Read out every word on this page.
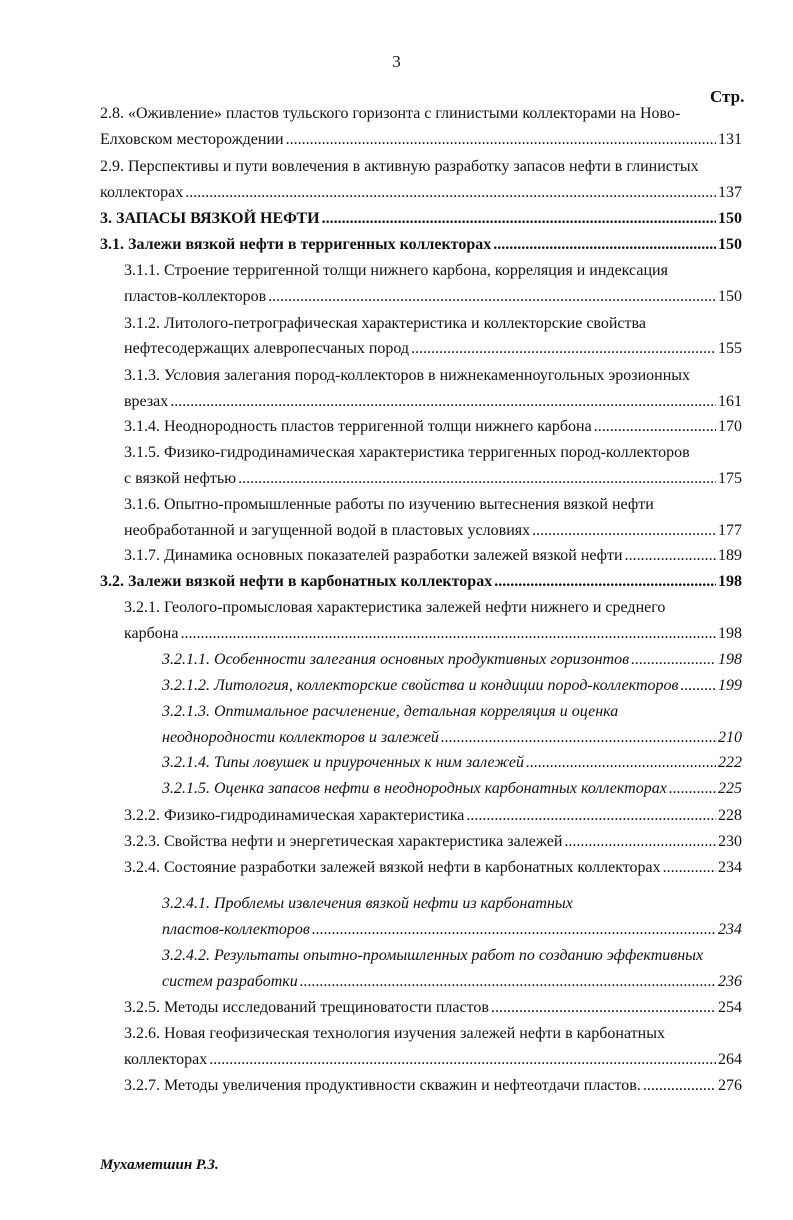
3
Стр.
2.8. «Оживление» пластов тульского горизонта с глинистыми коллекторами на Ново-
Елховском месторождении .....	131
2.9. Перспективы и пути вовлечения в активную разработку запасов нефти в глинистых
коллекторах .....	137
3. ЗАПАСЫ ВЯЗКОЙ НЕФТИ .....	150
3.1. Залежи вязкой нефти в терригенных коллекторах .....	150
3.1.1. Строение терригенной толщи нижнего карбона, корреляция и индексация
пластов-коллекторов .....	150
3.1.2. Литолого-петрографическая характеристика и коллекторские свойства
нефтесодержащих алевропесчаных пород .....	155
3.1.3. Условия залегания пород-коллекторов в нижнекаменноугольных эрозионных
врезах .....	161
3.1.4. Неоднородность пластов терригенной толщи нижнего карбона .....	170
3.1.5. Физико-гидродинамическая характеристика терригенных пород-коллекторов
с вязкой нефтью .....	175
3.1.6. Опытно-промышленные работы по изучению вытеснения вязкой нефти
необработанной и загущенной водой в пластовых условиях .....	177
3.1.7. Динамика основных показателей разработки залежей вязкой нефти .....	189
3.2. Залежи вязкой нефти в карбонатных коллекторах .....	198
3.2.1. Геолого-промысловая характеристика залежей нефти нижнего и среднего
карбона .....	198
3.2.1.1. Особенности залегания основных продуктивных горизонтов .....	198
3.2.1.2. Литология, коллекторские свойства и кондиции пород-коллекторов ..... 199
3.2.1.3. Оптимальное расчленение, детальная корреляция и оценка
неоднородности коллекторов и залежей .....	210
3.2.1.4. Типы ловушек и приуроченных к ним залежей .....	222
3.2.1.5. Оценка запасов нефти в неоднородных карбонатных коллекторах .....	225
3.2.2. Физико-гидродинамическая характеристика .....	228
3.2.3. Свойства нефти и энергетическая характеристика залежей .....	230
3.2.4. Состояние разработки залежей вязкой нефти в карбонатных коллекторах .....	234
3.2.4.1. Проблемы извлечения вязкой нефти из карбонатных
пластов-коллекторов .....	234
3.2.4.2. Результаты опытно-промышленных работ по созданию эффективных
систем разработки .....	236
3.2.5. Методы исследований трещиноватости пластов .....	254
3.2.6. Новая геофизическая технология изучения залежей нефти в карбонатных
коллекторах .....	264
3.2.7. Методы увеличения продуктивности скважин и нефтеотдачи пластов. .....	276
Мухаметшин Р.З.
